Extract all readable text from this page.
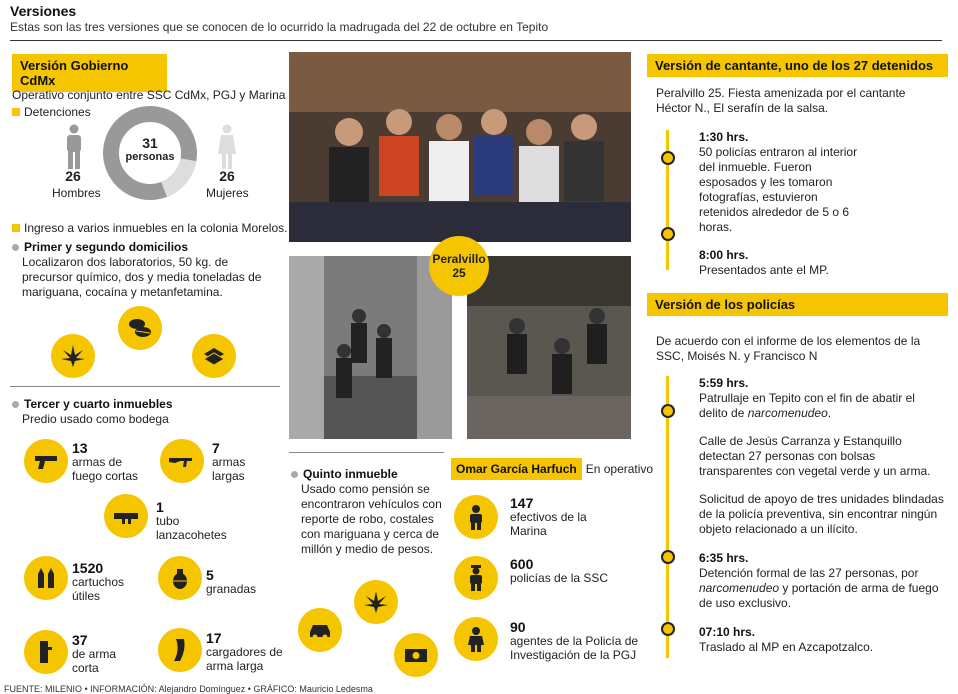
Versiones
Estas son las tres versiones que se conocen de lo ocurrido la madrugada del 22 de octubre en Tepito
Versión Gobierno CdMx
Operativo conjunto entre SSC CdMx, PGJ y Marina
Detenciones
26
Hombres
31
personas
26
Mujeres
Ingreso a varios inmuebles en la colonia Morelos.
Primer y segundo domicilios
Localizaron dos laboratorios, 50 kg. de precursor químico, dos y media toneladas de mariguana, cocaína y metanfetamina.
Tercer y cuarto inmuebles
Predio usado como bodega
13
armas de fuego cortas
7
armas largas
1
tubo lanzacohetes
1520
cartuchos útiles
5
granadas
37
de arma corta
17
cargadores de arma larga
Peralvillo 25
Quinto inmueble
Usado como pensión se encontraron vehículos con reporte de robo, costales con mariguana y cerca de millón y medio de pesos.
Omar García Harfuch En operativo
147
efectivos de la Marina
600
policías de la SSC
90
agentes de la Policía de Investigación de la PGJ
Versión de cantante, uno de los 27 detenidos
Peralvillo 25. Fiesta amenizada por el cantante Héctor N., El serafín de la salsa.
1:30 hrs.
50 policías entraron al interior del inmueble. Fueron esposados y les tomaron fotografías, estuvieron retenidos alrededor de 5 o 6 horas.
8:00 hrs.
Presentados ante el MP.
Versión de los policías
De acuerdo con el informe de los elementos de la SSC, Moisés N. y Francisco N
5:59 hrs.
Patrullaje en Tepito con el fin de abatir el delito de narcomenudeo.
Calle de Jesús Carranza y Estanquillo detectan 27 personas con bolsas transparentes con vegetal verde y un arma.
Solicitud de apoyo de tres unidades blindadas de la policía preventiva, sin encontrar ningún objeto relacionado a un ilícito.
6:35 hrs.
Detención formal de las 27 personas, por narcomenudeo y portación de arma de fuego de uso exclusivo.
07:10 hrs.
Traslado al MP en Azcapotzalco.
FUENTE: MILENIO • INFORMACIÓN: Alejandro Domínguez • GRÁFICO: Mauricio Ledesma
